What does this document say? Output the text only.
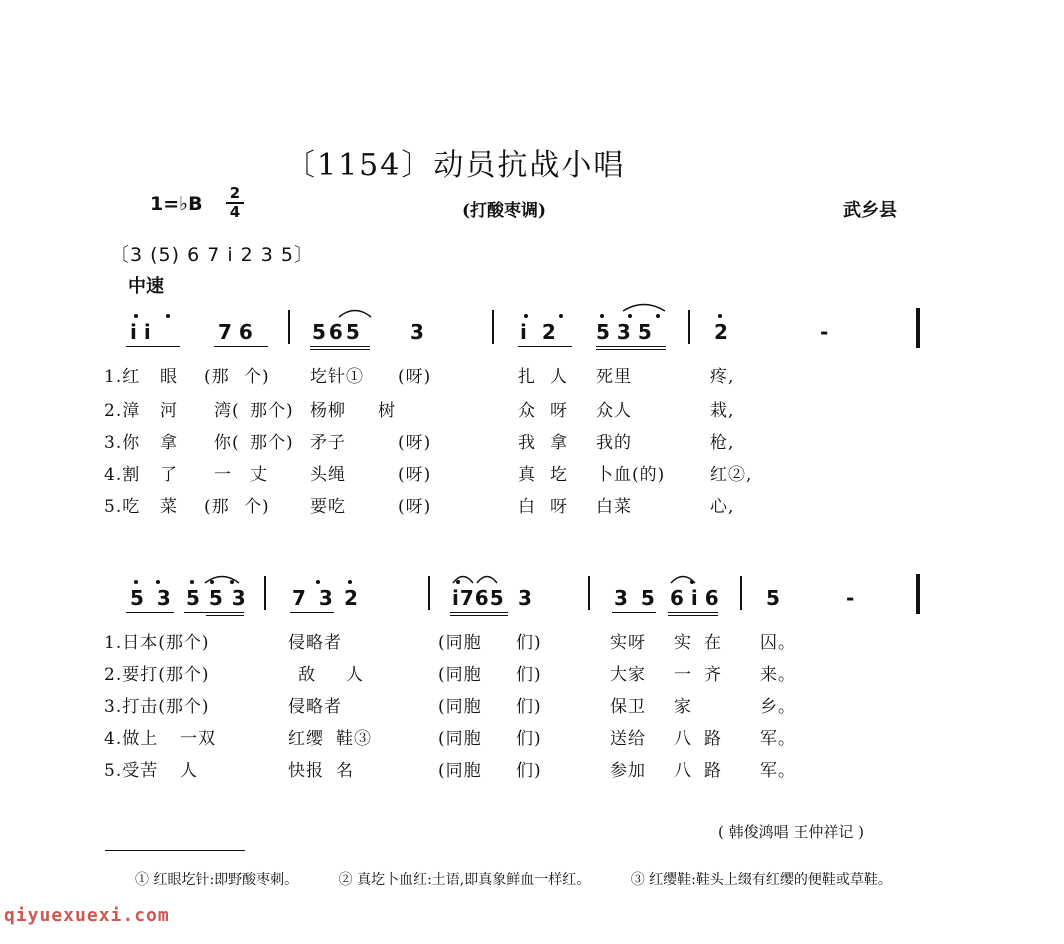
〔1154〕动员抗战小唱
1=♭B 2
4	(打酸枣调)	武乡县
〔3 (5) 6 7 i 2 3 5〕
中速
i i	7 6	565 3	i 2 535	2	-
1.红 眼 (那 个) 圪针① (呀)	扎 人 死里	疼,
2.漳 河 湾( 那个) 杨柳 树	众 呀 众人	栽,
3.你 拿 你( 那个) 矛子	(呀)	我 拿 我的	枪,
4.割 了 一 丈 头绳	(呀)	真 圪 卜血(的)	红②,
5.吃 菜 (那 个) 要吃	(呀)	白 呀 白菜	心,
5 3 5 5 3 7 3 2	i765 3	3 5 6 i 6 5	-
1.日本(那个)	侵略者	(同胞 们)	实呀 实 在 囚。
2.要打(那个)	敌 人	(同胞 们)	大家 一 齐 来。
3.打击(那个)	侵略者	(同胞 们)	保卫 家	乡。
4.做上 一双	红缨 鞋③	(同胞 们)	送给 八 路 军。
5.受苦 人	快报 名	(同胞 们)	参加 八 路 军。
( 韩俊鸿唱 王仲祥记 )
① 红眼圪针:即野酸枣刺。	② 真圪卜血红:土语,即真象鲜血一样红。	③ 红缨鞋:鞋头上缀有红缨的便鞋或草鞋。
qiyuexuexi.com
